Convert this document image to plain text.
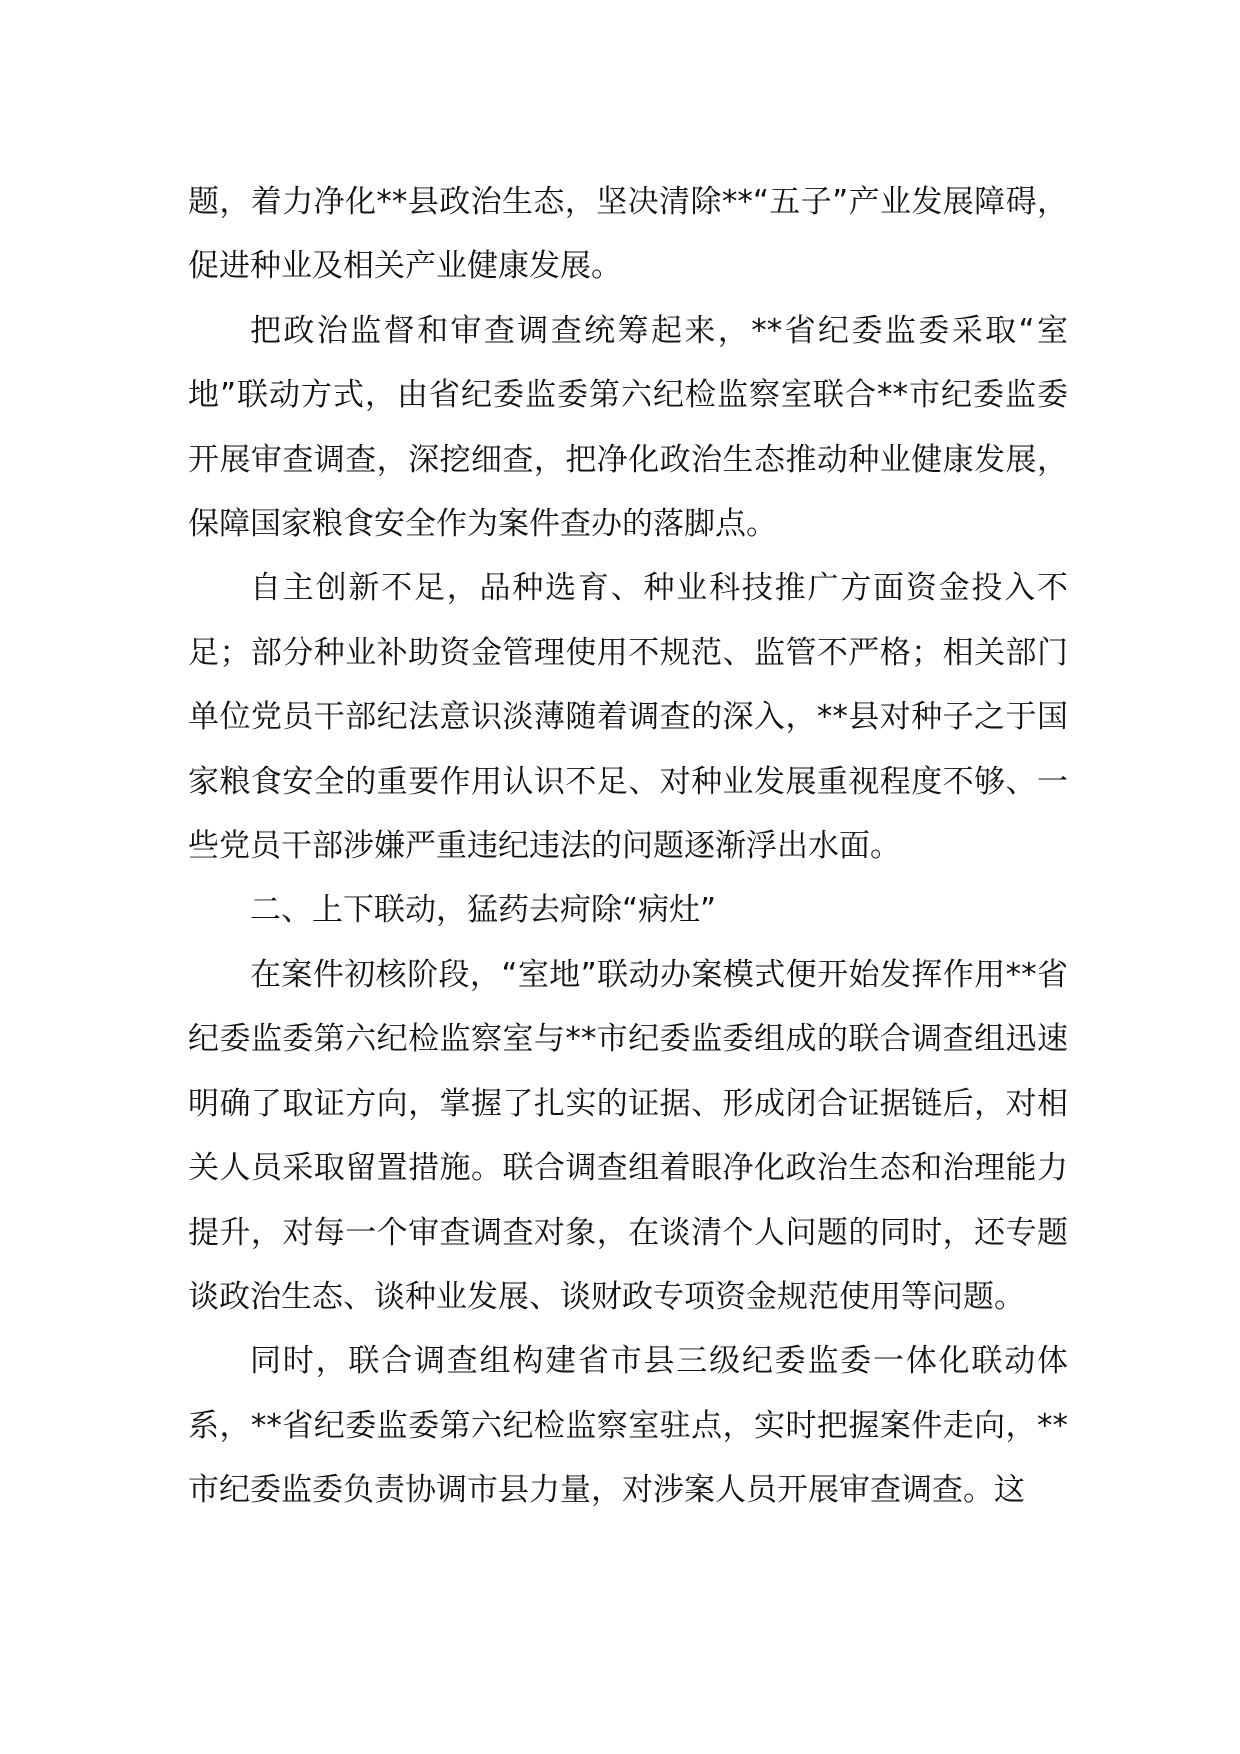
题，着力净化**县政治生态，坚决清除**“五子”产业发展障碍，促进种业及相关产业健康发展。

把政治监督和审查调查统筹起来，**省纪委监委采取“室地”联动方式，由省纪委监委第六纪检监察室联合**市纪委监委开展审查调查，深挖细查，把净化政治生态推动种业健康发展，保障国家粮食安全作为案件查办的落脚点。

自主创新不足，品种选育、种业科技推广方面资金投入不足；部分种业补助资金管理使用不规范、监管不严格；相关部门单位党员干部纪法意识淡薄随着调查的深入，**县对种子之于国家粮食安全的重要作用认识不足、对种业发展重视程度不够、一些党员干部涉嫌严重违纪违法的问题逐渐浮出水面。

二、上下联动，猛药去疴除“病灶”

在案件初核阶段，“室地”联动办案模式便开始发挥作用**省纪委监委第六纪检监察室与**市纪委监委组成的联合调查组迅速明确了取证方向，掌握了扎实的证据、形成闭合证据链后，对相关人员采取留置措施。联合调查组着眼净化政治生态和治理能力提升，对每一个审查调查对象，在谈清个人问题的同时，还专题谈政治生态、谈种业发展、谈财政专项资金规范使用等问题。

同时，联合调查组构建省市县三级纪委监委一体化联动体系，**省纪委监委第六纪检监察室驻点，实时把握案件走向，**市纪委监委负责协调市县力量，对涉案人员开展审查调查。这
